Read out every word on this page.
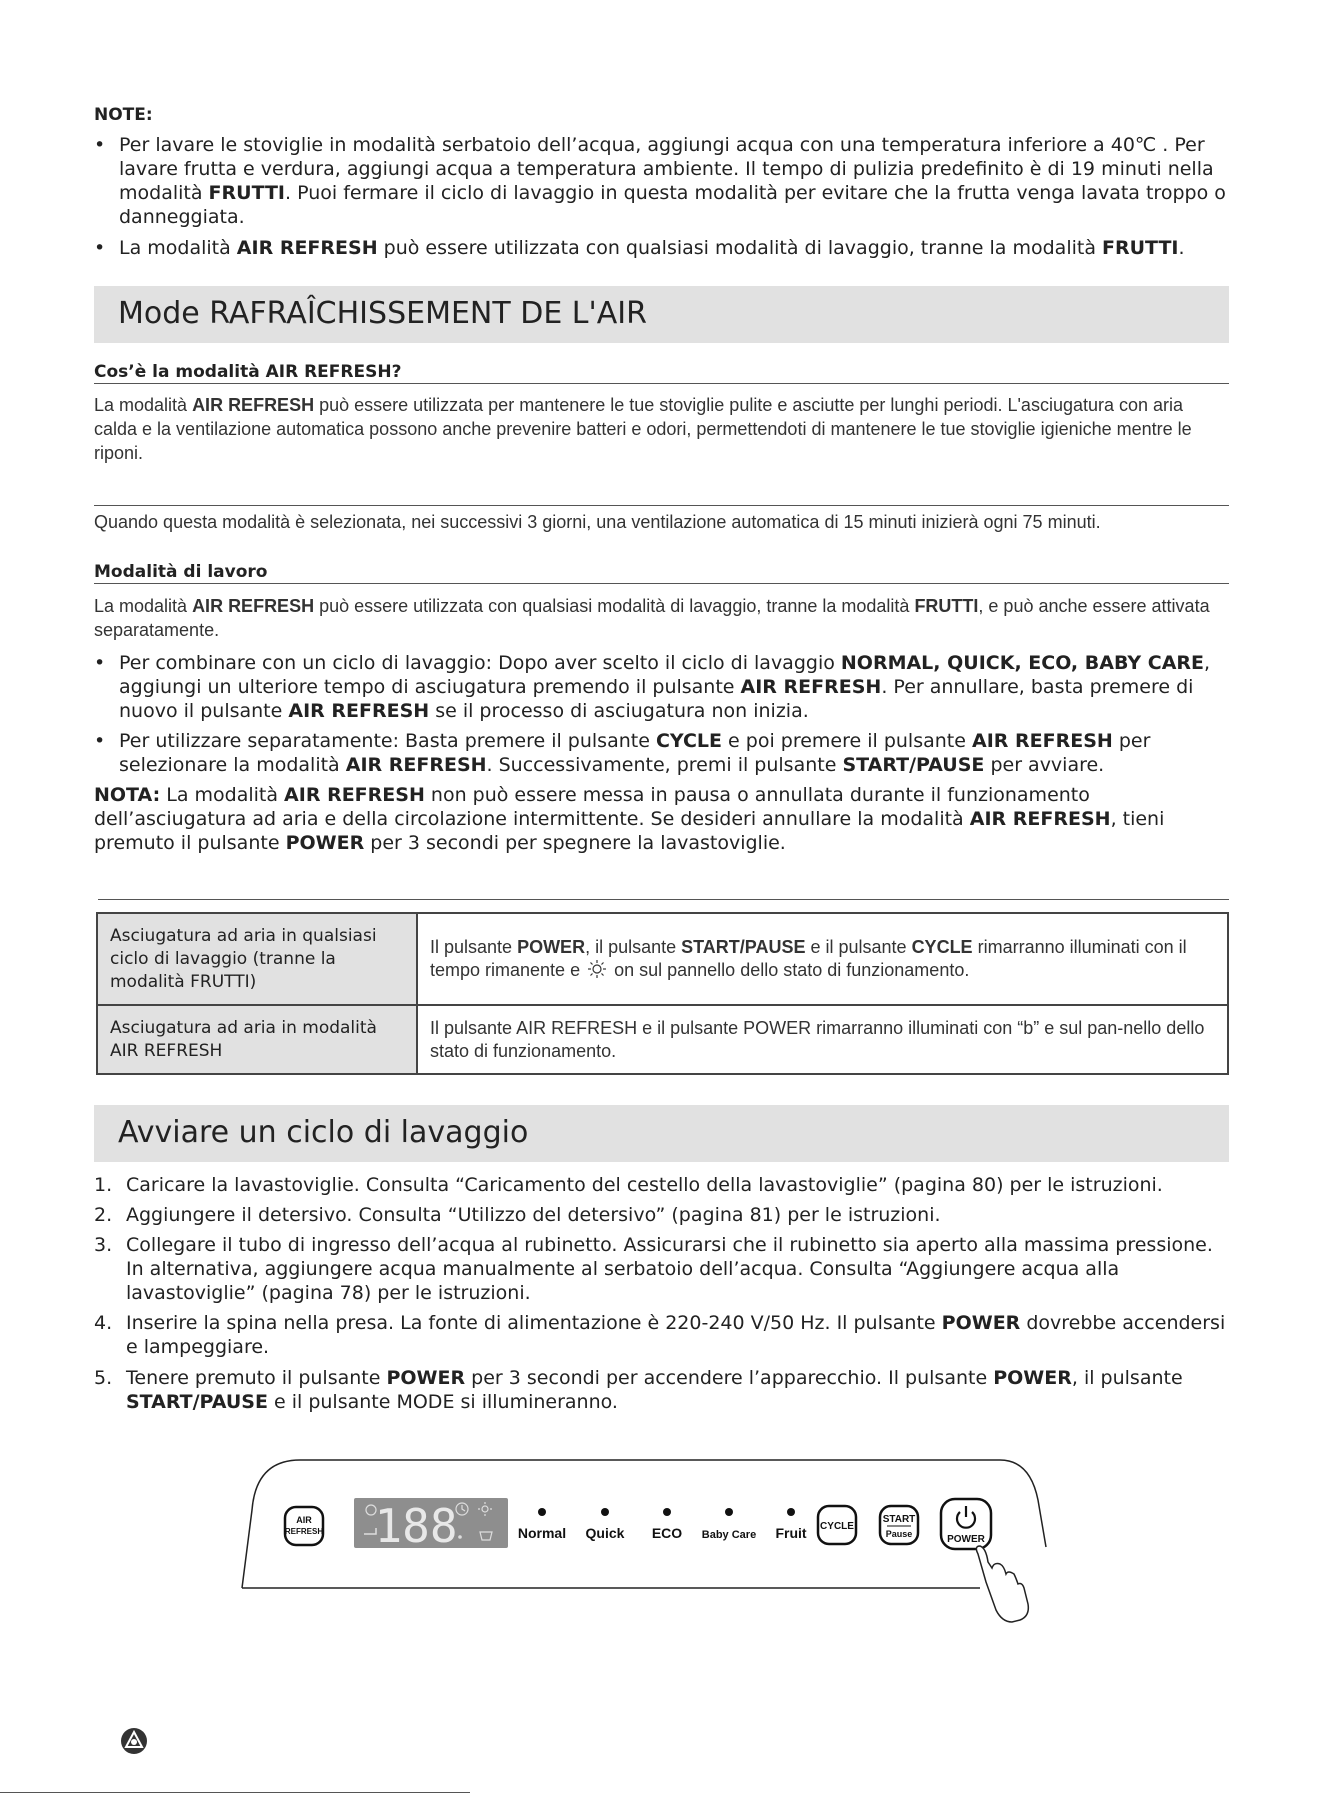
NOTE:
• Per lavare le stoviglie in modalità serbatoio dell’acqua, aggiungi acqua con una temperatura inferiore a 40℃ . Per lavare frutta e verdura, aggiungi acqua a temperatura ambiente. Il tempo di pulizia predefinito è di 19 minuti nella modalità FRUTTI. Puoi fermare il ciclo di lavaggio in questa modalità per evitare che la frutta venga lavata troppo o danneggiata.
• La modalità AIR REFRESH può essere utilizzata con qualsiasi modalità di lavaggio, tranne la modalità FRUTTI.
Mode RAFRAÎCHISSEMENT DE L'AIR
Cos’è la modalità AIR REFRESH?
La modalità AIR REFRESH può essere utilizzata per mantenere le tue stoviglie pulite e asciutte per lunghi periodi. L'asciugatura con aria calda e la ventilazione automatica possono anche prevenire batteri e odori, permettendoti di mantenere le tue stoviglie igieniche mentre le riponi.
Quando questa modalità è selezionata, nei successivi 3 giorni, una ventilazione automatica di 15 minuti inizierà ogni 75 minuti.
Modalità di lavoro
La modalità AIR REFRESH può essere utilizzata con qualsiasi modalità di lavaggio, tranne la modalità FRUTTI, e può anche essere attivata separatamente.
• Per combinare con un ciclo di lavaggio: Dopo aver scelto il ciclo di lavaggio NORMAL, QUICK, ECO, BABY CARE, aggiungi un ulteriore tempo di asciugatura premendo il pulsante AIR REFRESH. Per annullare, basta premere di nuovo il pulsante AIR REFRESH se il processo di asciugatura non inizia.
• Per utilizzare separatamente: Basta premere il pulsante CYCLE e poi premere il pulsante AIR REFRESH per selezionare la modalità AIR REFRESH. Successivamente, premi il pulsante START/PAUSE per avviare.
NOTA: La modalità AIR REFRESH non può essere messa in pausa o annullata durante il funzionamento dell’asciugatura ad aria e della circolazione intermittente. Se desideri annullare la modalità AIR REFRESH, tieni premuto il pulsante POWER per 3 secondi per spegnere la lavastoviglie.
Asciugatura ad aria in qualsiasi ciclo di lavaggio (tranne la modalità FRUTTI)	Il pulsante POWER, il pulsante START/PAUSE e il pulsante CYCLE rimarranno illuminati con il tempo rimanente e  on sul pannello dello stato di funzionamento.
Asciugatura ad aria in modalità AIR REFRESH	Il pulsante AIR REFRESH e il pulsante POWER rimarranno illuminati con “b” e sul pan-nello dello stato di funzionamento.
Avviare un ciclo di lavaggio
1. Caricare la lavastoviglie. Consulta “Caricamento del cestello della lavastoviglie” (pagina 80) per le istruzioni.
2. Aggiungere il detersivo. Consulta “Utilizzo del detersivo” (pagina 81) per le istruzioni.
3. Collegare il tubo di ingresso dell’acqua al rubinetto. Assicurarsi che il rubinetto sia aperto alla massima pressione. In alternativa, aggiungere acqua manualmente al serbatoio dell’acqua. Consulta “Aggiungere acqua alla lavastoviglie” (pagina 78) per le istruzioni.
4. Inserire la spina nella presa. La fonte di alimentazione è 220-240 V/50 Hz. Il pulsante POWER dovrebbe accendersi e lampeggiare.
5. Tenere premuto il pulsante POWER per 3 secondi per accendere l’apparecchio. Il pulsante POWER, il pulsante START/PAUSE e il pulsante MODE si illumineranno.
AIR
REFRESH 188	Normal Quick ECO Baby Care Fruit CYCLE
START
Pause	POWER
